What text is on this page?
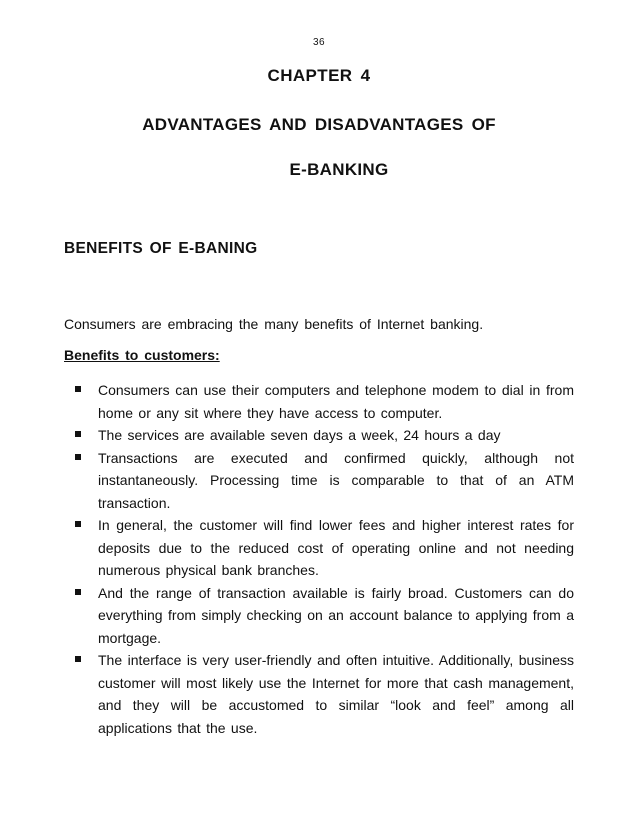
36
CHAPTER 4
ADVANTAGES AND DISADVANTAGES OF
E-BANKING
BENEFITS OF E-BANING
Consumers are embracing the many benefits of Internet banking.
Benefits to customers:
Consumers can use their computers and telephone modem to dial in from home or any sit where they have access to computer.
The services are available seven days a week, 24 hours a day
Transactions are executed and confirmed quickly, although not instantaneously. Processing time is comparable to that of an ATM transaction.
In general, the customer will find lower fees and higher interest rates for deposits due to the reduced cost of operating online and not needing numerous physical bank branches.
And the range of transaction available is fairly broad. Customers can do everything from simply checking on an account balance to applying from a mortgage.
The interface is very user-friendly and often intuitive. Additionally, business customer will most likely use the Internet for more that cash management, and they will be accustomed to similar “look and feel” among all applications that the use.
